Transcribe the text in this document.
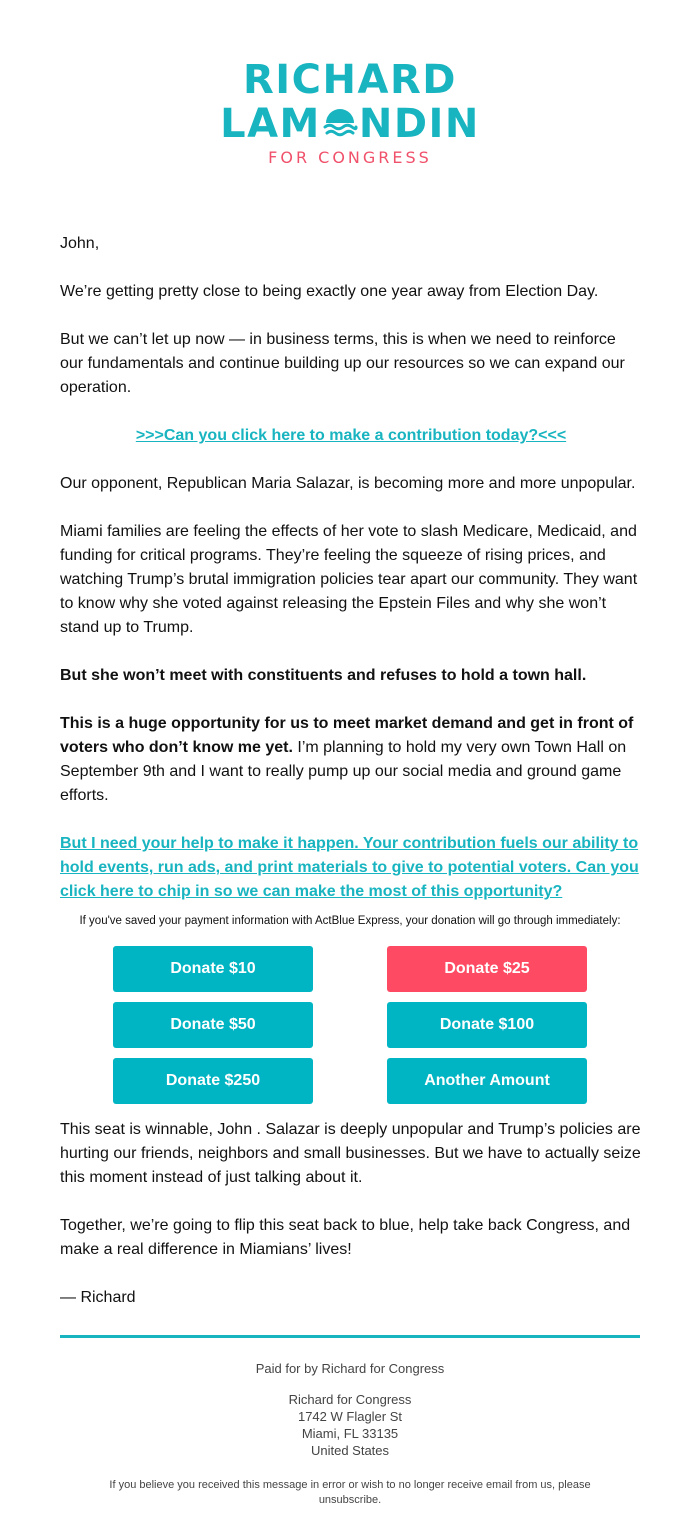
RICHARD
LAM NDIN
FOR CONGRESS

John,

We’re getting pretty close to being exactly one year away from Election Day.

But we can’t let up now — in business terms, this is when we need to reinforce our fundamentals and continue building up our resources so we can expand our operation.

>>>Can you click here to make a contribution today?<<<

Our opponent, Republican Maria Salazar, is becoming more and more unpopular.

Miami families are feeling the effects of her vote to slash Medicare, Medicaid, and funding for critical programs. They’re feeling the squeeze of rising prices, and watching Trump’s brutal immigration policies tear apart our community. They want to know why she voted against releasing the Epstein Files and why she won’t stand up to Trump.

But she won’t meet with constituents and refuses to hold a town hall.

This is a huge opportunity for us to meet market demand and get in front of voters who don’t know me yet. I’m planning to hold my very own Town Hall on September 9th and I want to really pump up our social media and ground game efforts.

But I need your help to make it happen. Your contribution fuels our ability to hold events, run ads, and print materials to give to potential voters. Can you click here to chip in so we can make the most of this opportunity?

If you've saved your payment information with ActBlue Express, your donation will go through immediately:
Donate $10	Donate $25
Donate $50	Donate $100
Donate $250	Another Amount

This seat is winnable, John . Salazar is deeply unpopular and Trump’s policies are hurting our friends, neighbors and small businesses. But we have to actually seize this moment instead of just talking about it.

Together, we’re going to flip this seat back to blue, help take back Congress, and make a real difference in Miamians’ lives!

— Richard

Paid for by Richard for Congress
Richard for Congress
1742 W Flagler St
Miami, FL 33135
United States
If you believe you received this message in error or wish to no longer receive email from us, please unsubscribe.
